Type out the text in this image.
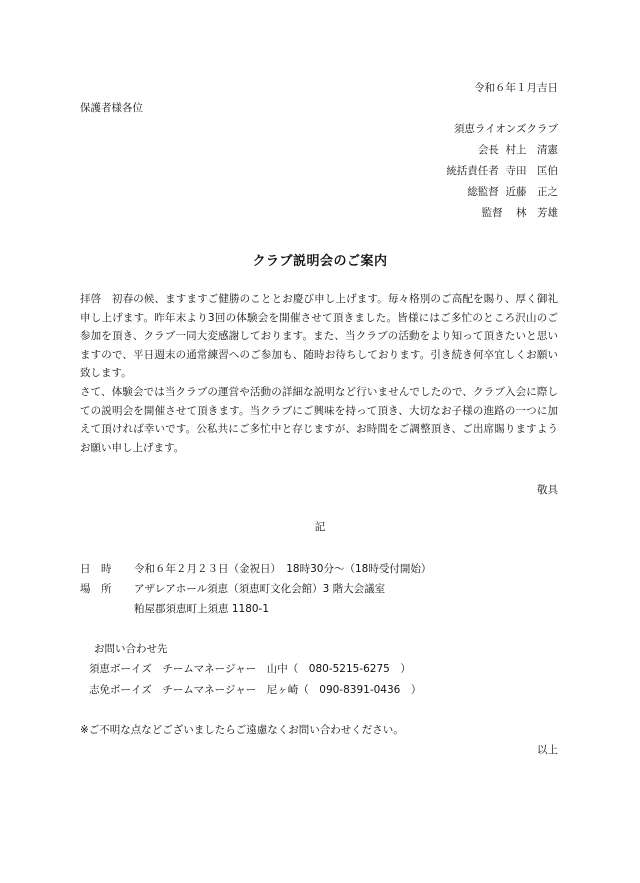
令和６年１月吉日
保護者様各位
須恵ライオンズクラブ
会長 村上　清憲
統括責任者 寺田　匡伯
総監督 近藤　正之
監督 林　芳雄
クラブ説明会のご案内

拝啓　初春の候、ますますご健勝のこととお慶び申し上げます。毎々格別のご高配を賜り、厚く御礼申し上げます。昨年末より3回の体験会を開催させて頂きました。皆様にはご多忙のところ沢山のご参加を頂き、クラブ一同大変感謝しております。また、当クラブの活動をより知って頂きたいと思いますので、平日週末の通常練習へのご参加も、随時お待ちしております。引き続き何卒宜しくお願い致します。

さて、体験会では当クラブの運営や活動の詳細な説明など行いませんでしたので、クラブ入会に際しての説明会を開催させて頂きます。当クラブにご興味を持って頂き、大切なお子様の進路の一つに加えて頂ければ幸いです。公私共にご多忙中と存じますが、お時間をご調整頂き、ご出席賜りますようお願い申し上げます。

敬具
記
日　時 令和６年２月２３日（金祝日）　18時30分～（18時受付開始）
場　所 アザレアホール須恵（須恵町文化会館）3 階大会議室
粕屋郡須恵町上須恵 1180-1
お問い合わせ先
須恵ボーイズ　チームマネージャー　山中（　080-5215-6275　）
志免ボーイズ　チームマネージャー　尼ヶ崎（　090-8391-0436　）
※ご不明な点などございましたらご遠慮なくお問い合わせください。
以上
